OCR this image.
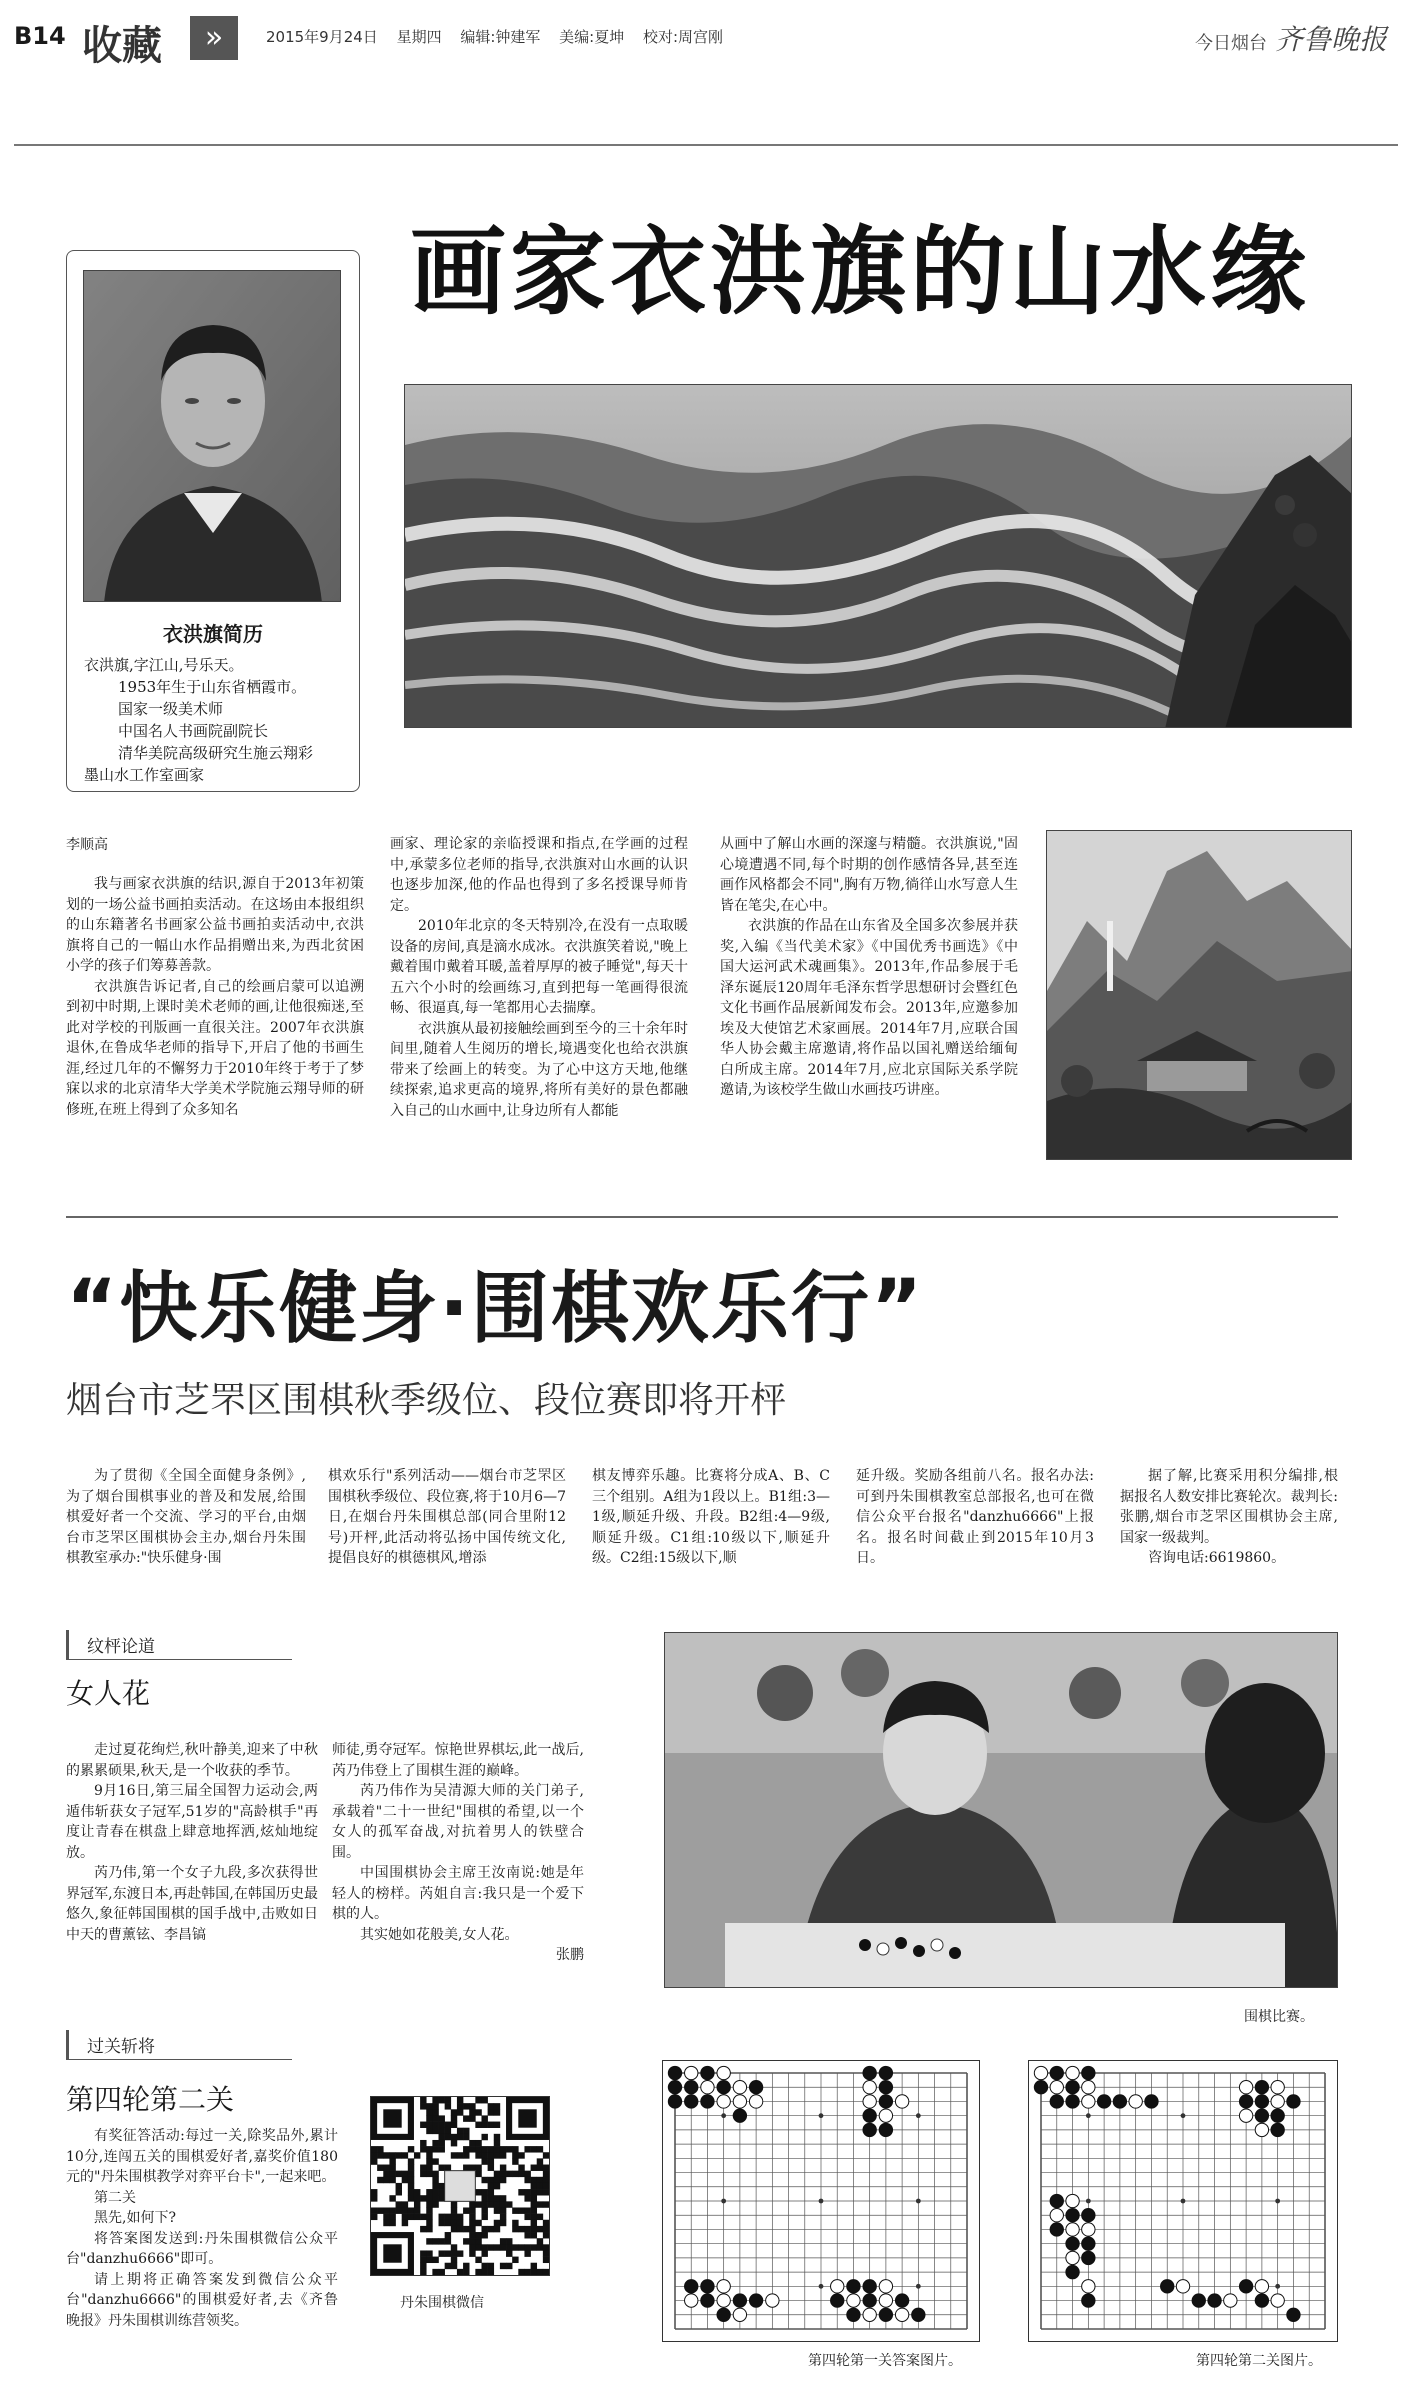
B14 收藏	»	2015年9月24日 星期四 编辑:钟建军 美编:夏坤 校对:周宫刚	今日烟台 齐鲁晚报
画家衣洪旗的山水缘
衣洪旗简历
衣洪旗,字江山,号乐天。
1953年生于山东省栖霞市。
国家一级美术师
中国名人书画院副院长
清华美院高级研究生施云翔彩
墨山水工作室画家
李顺高

我与画家衣洪旗的结识,源自于2013年初策划的一场公益书画拍卖活动。在这场由本报组织的山东籍著名书画家公益书画拍卖活动中,衣洪旗将自己的一幅山水作品捐赠出来,为西北贫困小学的孩子们筹募善款。

衣洪旗告诉记者,自己的绘画启蒙可以追溯到初中时期,上课时美术老师的画,让他很痴迷,至此对学校的刊版画一直很关注。2007年衣洪旗退休,在鲁成华老师的指导下,开启了他的书画生涯,经过几年的不懈努力于2010年终于考于了梦寐以求的北京清华大学美术学院施云翔导师的研修班,在班上得到了众多知名

画家、理论家的亲临授课和指点,在学画的过程中,承蒙多位老师的指导,衣洪旗对山水画的认识也逐步加深,他的作品也得到了多名授课导师肯定。

2010年北京的冬天特别冷,在没有一点取暖设备的房间,真是滴水成冰。衣洪旗笑着说,"晚上戴着围巾戴着耳暖,盖着厚厚的被子睡觉",每天十五六个小时的绘画练习,直到把每一笔画得很流畅、很逼真,每一笔都用心去揣摩。

衣洪旗从最初接触绘画到至今的三十余年时间里,随着人生阅历的增长,境遇变化也给衣洪旗带来了绘画上的转变。为了心中这方天地,他继续探索,追求更高的境界,将所有美好的景色都融入自己的山水画中,让身边所有人都能

从画中了解山水画的深邃与精髓。衣洪旗说,"固心境遭遇不同,每个时期的创作感情各异,甚至连画作风格都会不同",胸有万物,徜徉山水写意人生皆在笔尖,在心中。

衣洪旗的作品在山东省及全国多次参展并获奖,入编《当代美术家》《中国优秀书画选》《中国大运河武术魂画集》。2013年,作品参展于毛泽东诞辰120周年毛泽东哲学思想研讨会暨红色文化书画作品展新闻发布会。2013年,应邀参加埃及大使馆艺术家画展。2014年7月,应联合国华人协会戴主席邀请,将作品以国礼赠送给缅甸白所成主席。2014年7月,应北京国际关系学院邀请,为该校学生做山水画技巧讲座。

“快乐健身·围棋欢乐行”
烟台市芝罘区围棋秋季级位、段位赛即将开枰
为了贯彻《全国全面健身条例》,为了烟台围棋事业的普及和发展,给围棋爱好者一个交流、学习的平台,由烟台市芝罘区围棋协会主办,烟台丹朱围棋教室承办:"快乐健身·围
棋欢乐行"系列活动——烟台市芝罘区围棋秋季级位、段位赛,将于10月6—7日,在烟台丹朱围棋总部(同合里附12号)开枰,此活动将弘扬中国传统文化,提倡良好的棋德棋风,增添
棋友博弈乐趣。比赛将分成A、B、C三个组别。A组为1段以上。B1组:3—1级,顺延升级、升段。B2组:4—9级,顺延升级。C1组:10级以下,顺延升级。C2组:15级以下,顺
延升级。奖励各组前八名。报名办法:可到丹朱围棋教室总部报名,也可在微信公众平台报名"danzhu6666"上报名。报名时间截止到2015年10月3日。

据了解,比赛采用积分编排,根据报名人数安排比赛轮次。裁判长:张鹏,烟台市芝罘区围棋协会主席,国家一级裁判。

咨询电话:6619860。

纹枰论道
女人花

走过夏花绚烂,秋叶静美,迎来了中秋的累累硕果,秋天,是一个收获的季节。

9月16日,第三届全国智力运动会,两遁伟斩获女子冠军,51岁的"高龄棋手"再度让青春在棋盘上肆意地挥洒,炫灿地绽放。

芮乃伟,第一个女子九段,多次获得世界冠军,东渡日本,再赴韩国,在韩国历史最悠久,象征韩国围棋的国手战中,击败如日中天的曹薰铉、李昌镐

师徒,勇夺冠军。惊艳世界棋坛,此一战后,芮乃伟登上了围棋生涯的巅峰。

芮乃伟作为吴清源大师的关门弟子,承载着"二十一世纪"围棋的希望,以一个女人的孤军奋战,对抗着男人的铁壁合围。

中国围棋协会主席王汝南说:她是年轻人的榜样。芮姐自言:我只是一个爱下棋的人。

其实她如花般美,女人花。

张鹏

围棋比赛。
过关斩将
第四轮第二关

有奖征答活动:每过一关,除奖品外,累计10分,连闯五关的围棋爱好者,嘉奖价值180元的"丹朱围棋教学对弈平台卡",一起来吧。

第二关

黑先,如何下?

将答案图发送到:丹朱围棋微信公众平台"danzhu6666"即可。

请上期将正确答案发到微信公众平台"danzhu6666"的围棋爱好者,去《齐鲁晚报》丹朱围棋训练营领奖。

丹朱围棋微信
第四轮第一关答案图片。	第四轮第二关图片。
